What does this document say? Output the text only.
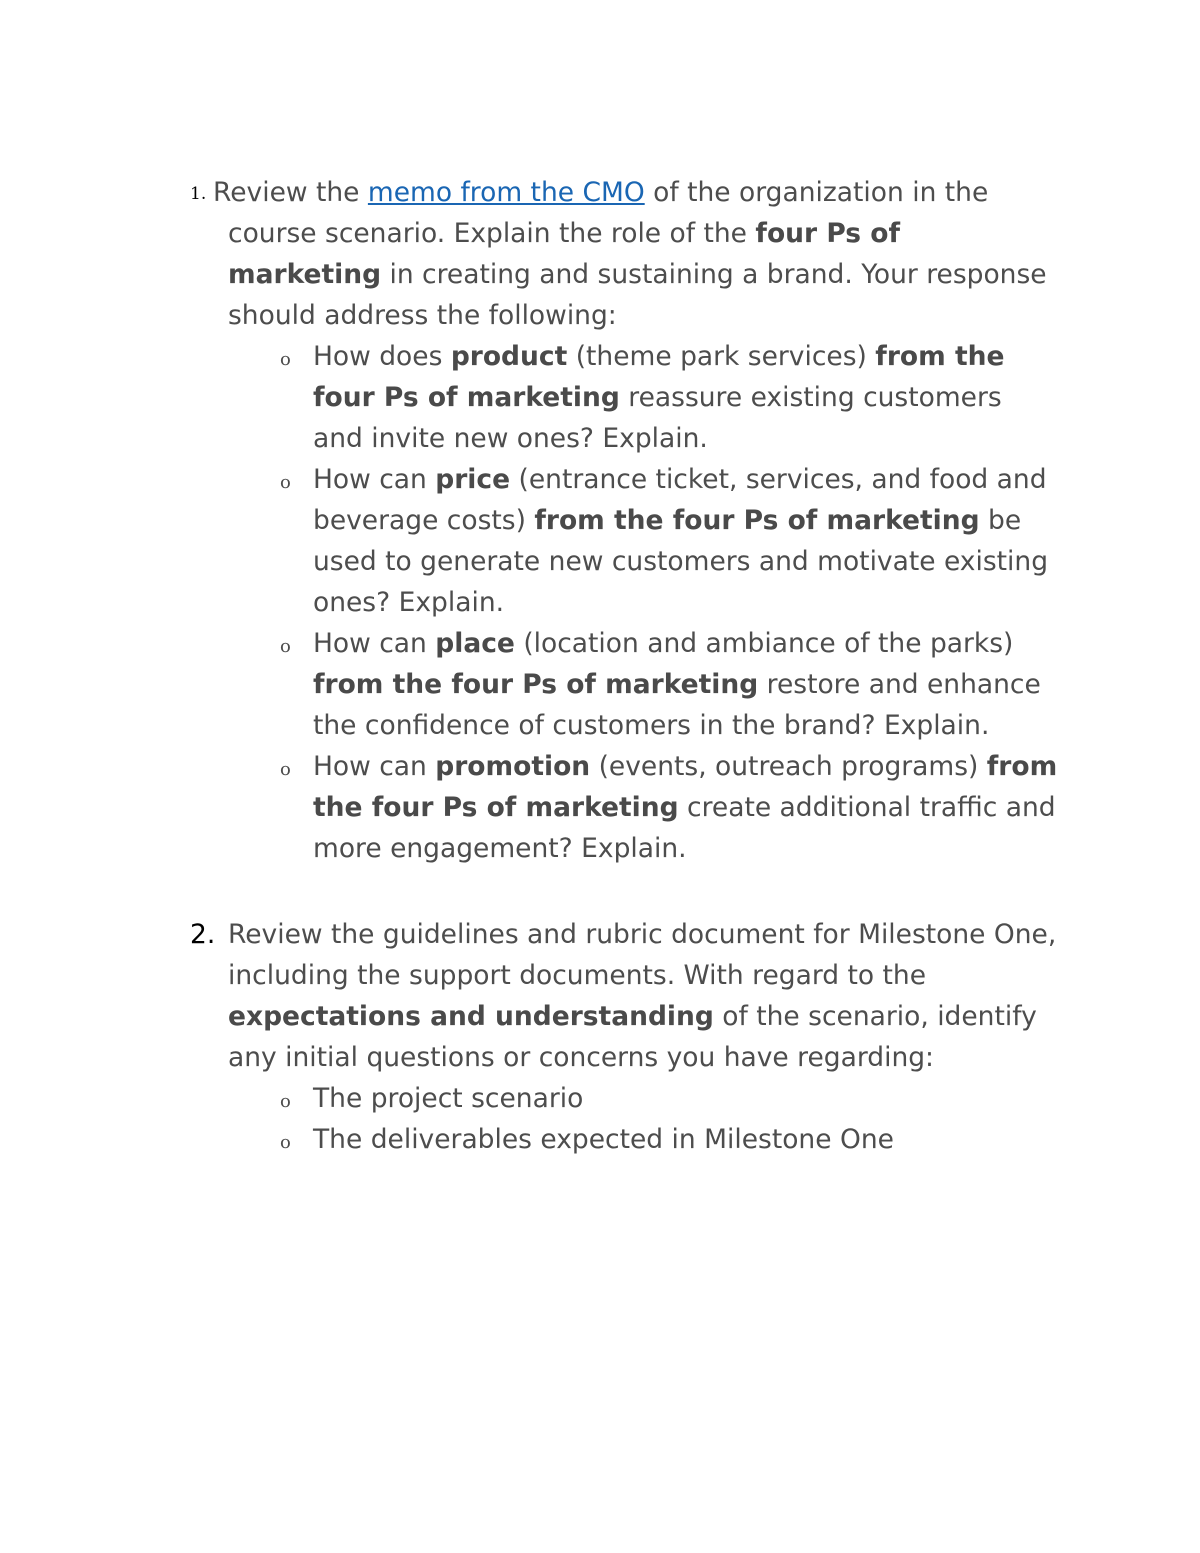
1. Review the memo from the CMO of the organization in the course scenario. Explain the role of the four Ps of marketing in creating and sustaining a brand. Your response should address the following:
o How does product (theme park services) from the four Ps of marketing reassure existing customers and invite new ones? Explain.
o How can price (entrance ticket, services, and food and beverage costs) from the four Ps of marketing be used to generate new customers and motivate existing ones? Explain.
o How can place (location and ambiance of the parks) from the four Ps of marketing restore and enhance the confidence of customers in the brand? Explain.
o How can promotion (events, outreach programs) from the four Ps of marketing create additional traffic and more engagement? Explain.
2. Review the guidelines and rubric document for Milestone One, including the support documents. With regard to the expectations and understanding of the scenario, identify any initial questions or concerns you have regarding:
o The project scenario
o The deliverables expected in Milestone One
